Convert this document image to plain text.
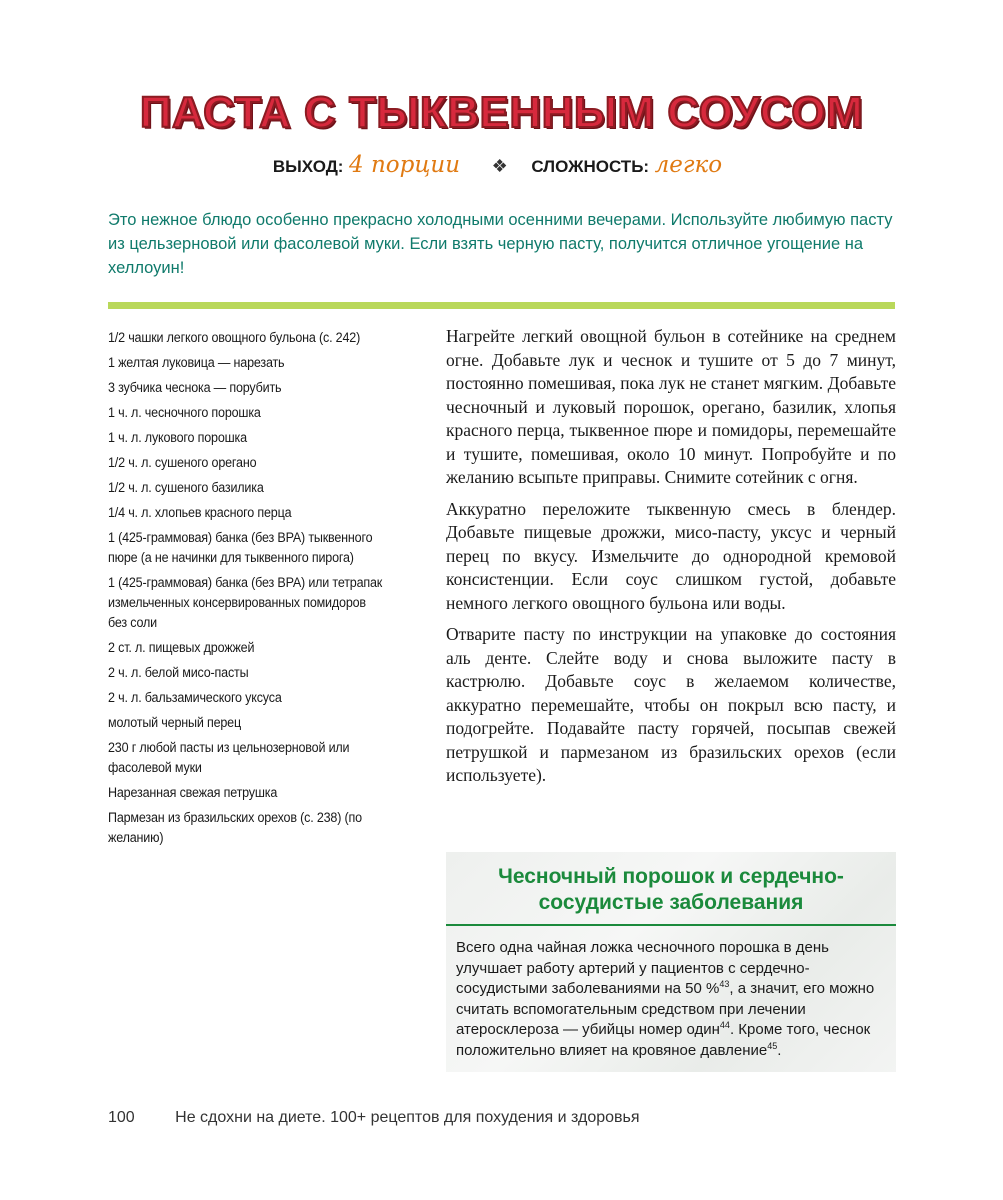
ПАСТА С ТЫКВЕННЫМ СОУСОМ
ВЫХОД: 4 порции ❖ СЛОЖНОСТЬ: легко
Это нежное блюдо особенно прекрасно холодными осенними вечерами. Используйте любимую пасту из цельзерновой или фасолевой муки. Если взять черную пасту, получится отличное угощение на хеллоуин!
1/2 чашки легкого овощного бульона (с. 242)
1 желтая луковица — нарезать
3 зубчика чеснока — порубить
1 ч. л. чесночного порошка
1 ч. л. лукового порошка
1/2 ч. л. сушеного орегано
1/2 ч. л. сушеного базилика
1/4 ч. л. хлопьев красного перца
1 (425-граммовая) банка (без BPA) тыквенного пюре (а не начинки для тыквенного пирога)
1 (425-граммовая) банка (без BPA) или тетрапак измельченных консервированных помидоров без соли
2 ст. л. пищевых дрожжей
2 ч. л. белой мисо-пасты
2 ч. л. бальзамического уксуса
молотый черный перец
230 г любой пасты из цельнозерновой или фасолевой муки
Нарезанная свежая петрушка
Пармезан из бразильских орехов (с. 238) (по желанию)

Нагрейте легкий овощной бульон в сотейнике на среднем огне. Добавьте лук и чеснок и тушите от 5 до 7 минут, постоянно помешивая, пока лук не станет мягким. Добавьте чесночный и луковый порошок, орегано, базилик, хлопья красного перца, тыквенное пюре и помидоры, перемешайте и тушите, помешивая, около 10 минут. Попробуйте и по желанию всыпьте приправы. Снимите сотейник с огня.

Аккуратно переложите тыквенную смесь в блендер. Добавьте пищевые дрожжи, мисо-пасту, уксус и черный перец по вкусу. Измельчите до однородной кремовой консистенции. Если соус слишком густой, добавьте немного легкого овощного бульона или воды.

Отварите пасту по инструкции на упаковке до состояния аль денте. Слейте воду и снова выложите пасту в кастрюлю. Добавьте соус в желаемом количестве, аккуратно перемешайте, чтобы он покрыл всю пасту, и подогрейте. Подавайте пасту горячей, посыпав свежей петрушкой и пармезаном из бразильских орехов (если используете).

Чесночный порошок и сердечно-
сосудистые заболевания
Всего одна чайная ложка чесночного порошка в день улучшает работу артерий у пациентов с сердечно-сосудистыми заболеваниями на 50 %$^{43}$, а значит, его можно считать вспомогательным средством при лечении атеросклероза — убийцы номер один$^{44}$. Кроме того, чеснок положительно влияет на кровяное давление$^{45}$.
100	Не сдохни на диете. 100+ рецептов для похудения и здоровья
